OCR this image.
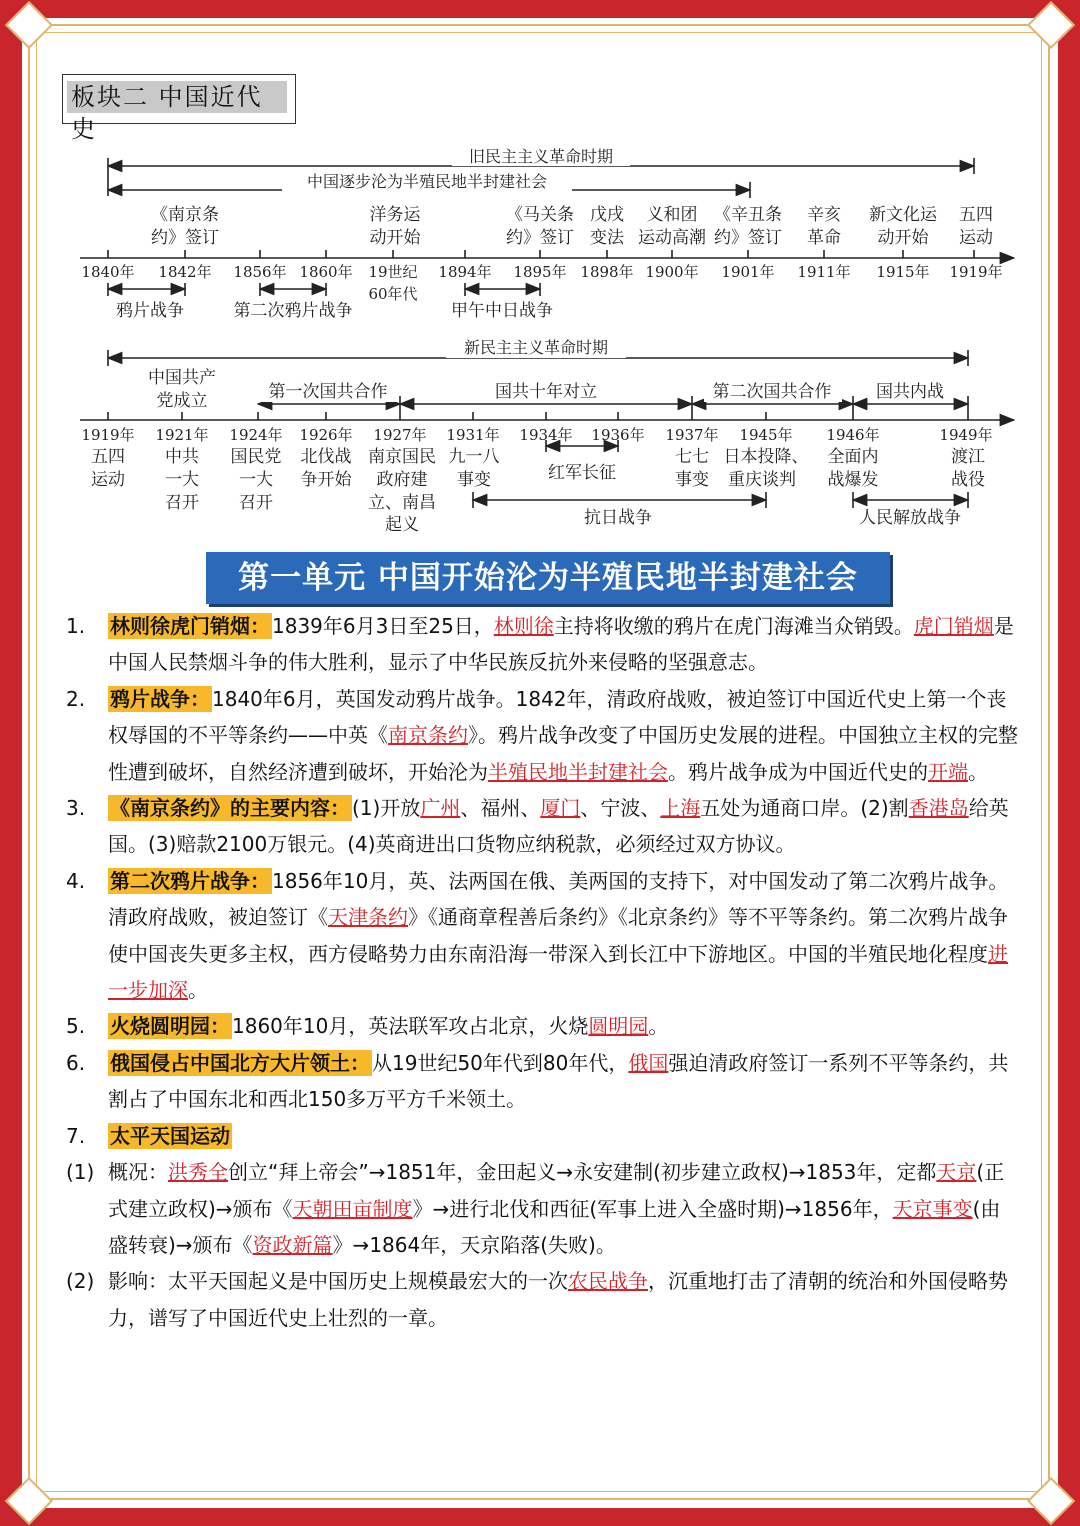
板块二 中国近代史
旧民主主义革命时期
中国逐步沦为半殖民地半封建社会
《南京条
约》签订
洋务运
动开始
《马关条
约》签订
戊戌
变法
义和团
运动高潮
《辛丑条
约》签订
辛亥
革命
新文化运
动开始
五四
运动
1840年 1842年 1856年 1860年 19世纪 1894年 1895年 1898年 1900年 1901年 1911年 1915年 1919年
60年代
鸦片战争	第二次鸦片战争	甲午中日战争
新民主主义革命时期
中国共产
党成立	第一次国共合作	国共十年对立	第二次国共合作	国共内战
1919年 1921年 1924年 1926年 1927年 1931年 1934年 1936年 1937年 1945年 1946年	1949年
五四
运动
中共
一大
召开
国民党
一大
召开
北伐战
争开始
南京国民
政府建
立、南昌
起义
九一八
事变	红军长征
七七
事变
日本投降、
重庆谈判
全面内
战爆发
渡江
战役
抗日战争	人民解放战争
第一单元 中国开始沦为半殖民地半封建社会
1. 林则徐虎门销烟： 1839年6月3日至25日，林则徐主持将收缴的鸦片在虎门海滩当众销毁。虎门销烟是中国人民禁烟斗争的伟大胜利，显示了中华民族反抗外来侵略的坚强意志。
2. 鸦片战争： 1840年6月，英国发动鸦片战争。1842年，清政府战败，被迫签订中国近代史上第一个丧权辱国的不平等条约——中英《南京条约》。鸦片战争改变了中国历史发展的进程。中国独立主权的完整性遭到破坏，自然经济遭到破坏，开始沦为半殖民地半封建社会。鸦片战争成为中国近代史的开端。
3. 《南京条约》的主要内容： (1)开放广州、福州、厦门、宁波、上海五处为通商口岸。(2)割香港岛给英国。(3)赔款2100万银元。(4)英商进出口货物应纳税款，必须经过双方协议。
4. 第二次鸦片战争： 1856年10月，英、法两国在俄、美两国的支持下，对中国发动了第二次鸦片战争。清政府战败，被迫签订《天津条约》《通商章程善后条约》《北京条约》等不平等条约。第二次鸦片战争使中国丧失更多主权，西方侵略势力由东南沿海一带深入到长江中下游地区。中国的半殖民地化程度进一步加深。
5. 火烧圆明园： 1860年10月，英法联军攻占北京，火烧圆明园。
6. 俄国侵占中国北方大片领土： 从19世纪50年代到80年代，俄国强迫清政府签订一系列不平等条约，共割占了中国东北和西北150多万平方千米领土。
7. 太平天国运动
(1) 概况：洪秀全创立“拜上帝会”→1851年，金田起义→永安建制(初步建立政权)→1853年，定都天京(正式建立政权)→颁布《天朝田亩制度》→进行北伐和西征(军事上进入全盛时期)→1856年，天京事变(由盛转衰)→颁布《资政新篇》→1864年，天京陷落(失败)。
(2) 影响：太平天国起义是中国历史上规模最宏大的一次农民战争，沉重地打击了清朝的统治和外国侵略势力，谱写了中国近代史上壮烈的一章。
